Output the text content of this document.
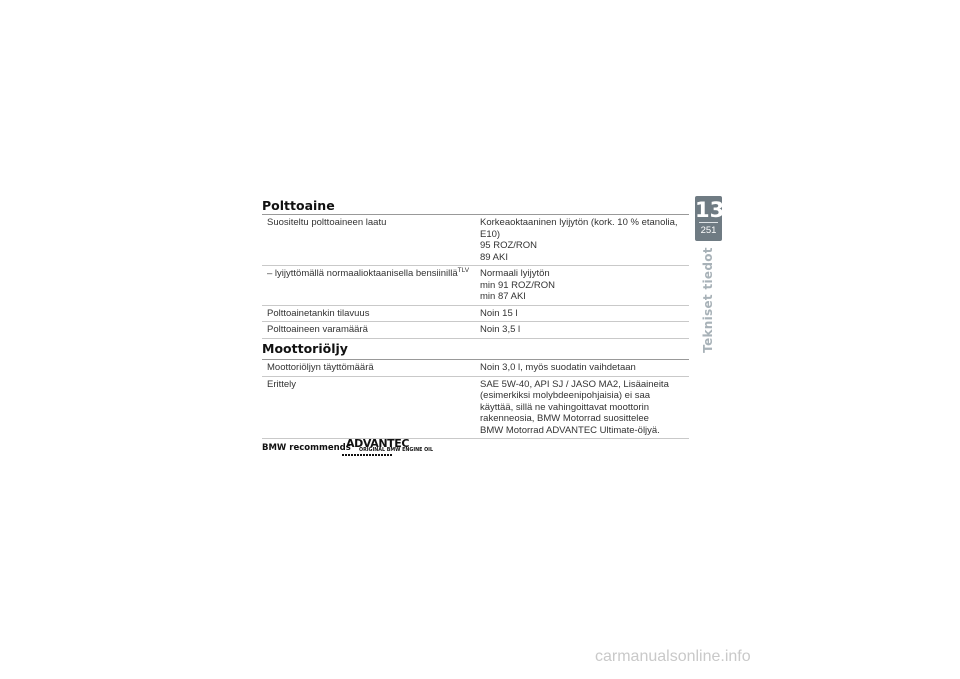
Polttoaine
Suositeltu polttoaineen laatu	Korkeaoktaaninen lyijytön (kork. 10 % etanolia,
E10)
95 ROZ/RON
89 AKI
– lyijyttömällä normaalioktaanisella bensiinillä$^{TLV}$	Normaali lyijytön
min 91 ROZ/RON
min 87 AKI
Polttoainetankin tilavuus	Noin 15 l
Polttoaineen varamäärä	Noin 3,5 l
Moottoriöljy
Moottoriöljyn täyttömäärä	Noin 3,0 l, myös suodatin vaihdetaan
Erittely	SAE 5W-40, API SJ / JASO MA2, Lisäaineita
(esimerkiksi molybdeenipohjaisia) ei saa
käyttää, sillä ne vahingoittavat moottorin
rakenneosia, BMW Motorrad suosittelee
BMW Motorrad ADVANTEC Ultimate-öljyä.
BMW recommends
ADVANTEC
ORIGINAL BMW ENGINE OIL
13
251
Tekniset tiedot
carmanualsonline.info
